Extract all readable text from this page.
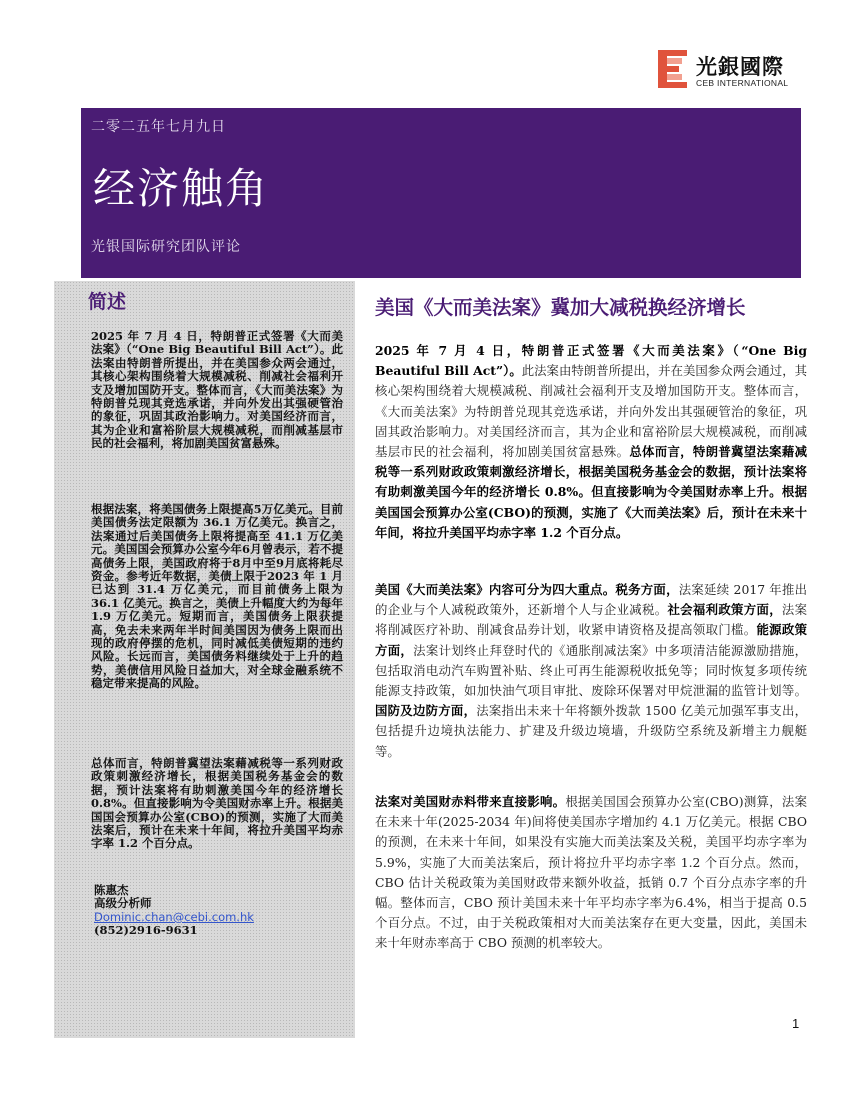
光銀國際
CEB INTERNATIONAL
二零二五年七月九日
经济触角
光银国际研究团队评论
简述

2025 年 7 月 4 日，特朗普正式签署《大而美法案》（“One Big Beautiful Bill Act”）。此法案由特朗普所提出，并在美国参众两会通过，其核心架构围绕着大规模减税、削减社会福利开支及增加国防开支。整体而言，《大而美法案》为特朗普兑现其竞选承诺，并向外发出其强硬管治的象征，巩固其政治影响力。对美国经济而言，其为企业和富裕阶层大规模减税，而削减基层市民的社会福利，将加剧美国贫富悬殊。

根据法案，将美国债务上限提高5万亿美元。目前美国债务法定限额为 36.1 万亿美元。换言之，法案通过后美国债务上限将提高至 41.1 万亿美元。美国国会预算办公室今年6月曾表示，若不提高债务上限，美国政府将于8月中至9月底将耗尽资金。参考近年数据，美债上限于2023 年 1 月已达到 31.4 万亿美元，而目前债务上限为 36.1 亿美元。换言之，美债上升幅度大约为每年 1.9 万亿美元。短期而言，美国债务上限获提高，免去未来两年半时间美国因为债务上限而出现的政府停摆的危机，同时减低美债短期的违约风险。长远而言，美国债务料继续处于上升的趋势，美债信用风险日益加大，对全球金融系统不稳定带来提高的风险。

总体而言，特朗普冀望法案藉减税等一系列财政政策刺激经济增长，根据美国税务基金会的数据，预计法案将有助刺激美国今年的经济增长 0.8%。但直接影响为令美国财赤率上升。根据美国国会预算办公室(CBO)的预测，实施了大而美法案后，预计在未来十年间，将拉升美国平均赤字率 1.2 个百分点。

陈惠杰
高级分析师
Dominic.chan@cebi.com.hk
(852)2916-9631
美国《大而美法案》冀加大减税换经济增长

2025 年 7 月 4 日，特朗普正式签署《大而美法案》（“One Big Beautiful Bill Act”）。此法案由特朗普所提出，并在美国参众两会通过，其核心架构围绕着大规模减税、削减社会福利开支及增加国防开支。整体而言，《大而美法案》为特朗普兑现其竞选承诺，并向外发出其强硬管治的象征，巩固其政治影响力。对美国经济而言，其为企业和富裕阶层大规模减税，而削减基层市民的社会福利，将加剧美国贫富悬殊。总体而言，特朗普冀望法案藉减税等一系列财政政策刺激经济增长，根据美国税务基金会的数据，预计法案将有助刺激美国今年的经济增长 0.8%。但直接影响为令美国财赤率上升。根据美国国会预算办公室(CBO)的预测，实施了《大而美法案》后，预计在未来十年间，将拉升美国平均赤字率 1.2 个百分点。

美国《大而美法案》内容可分为四大重点。税务方面，法案延续 2017 年推出的企业与个人减税政策外，还新增个人与企业减税。社会福利政策方面，法案将削减医疗补助、削减食品券计划，收紧申请资格及提高领取门槛。能源政策方面，法案计划终止拜登时代的《通胀削减法案》中多项清洁能源激励措施，包括取消电动汽车购置补贴、终止可再生能源税收抵免等；同时恢复多项传统能源支持政策，如加快油气项目审批、废除环保署对甲烷泄漏的监管计划等。国防及边防方面，法案指出未来十年将额外拨款 1500 亿美元加强军事支出，包括提升边境执法能力、扩建及升级边境墙，升级防空系统及新增主力舰艇等。

法案对美国财赤料带来直接影响。根据美国国会预算办公室(CBO)测算，法案在未来十年(2025-2034 年)间将使美国赤字增加约 4.1 万亿美元。根据 CBO 的预测，在未来十年间，如果没有实施大而美法案及关税，美国平均赤字率为 5.9%，实施了大而美法案后，预计将拉升平均赤字率 1.2 个百分点。然而，CBO 估计关税政策为美国财政带来额外收益，抵销 0.7 个百分点赤字率的升幅。整体而言，CBO 预计美国未来十年平均赤字率为6.4%，相当于提高 0.5 个百分点。不过，由于关税政策相对大而美法案存在更大变量，因此，美国未来十年财赤率高于 CBO 预测的机率较大。

1
